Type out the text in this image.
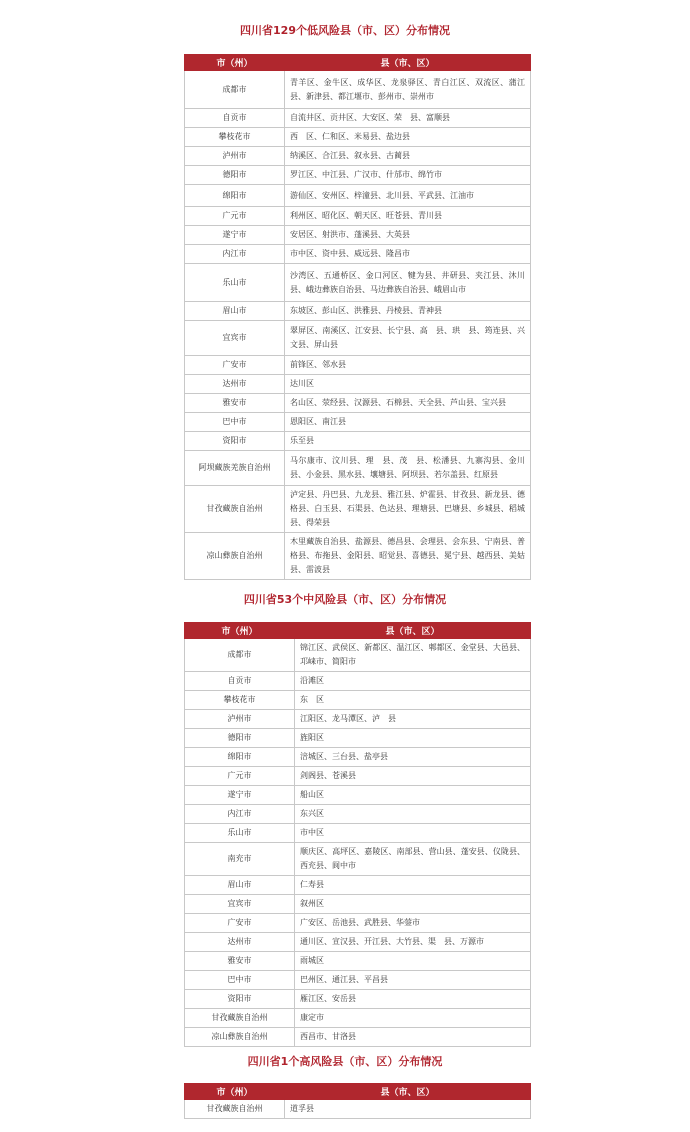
四川省129个低风险县（市、区）分布情况
市（州）	县（市、区）
成都市	青羊区、金牛区、成华区、龙泉驿区、青白江区、双流区、蒲江县、新津县、都江堰市、彭州市、崇州市
自贡市	自流井区、贡井区、大安区、荣　县、富顺县
攀枝花市	西　区、仁和区、米易县、盐边县
泸州市	纳溪区、合江县、叙永县、古蔺县
德阳市	罗江区、中江县、广汉市、什邡市、绵竹市
绵阳市	游仙区、安州区、梓潼县、北川县、平武县、江油市
广元市	利州区、昭化区、朝天区、旺苍县、青川县
遂宁市	安居区、射洪市、蓬溪县、大英县
内江市	市中区、资中县、威远县、隆昌市
乐山市	沙湾区、五通桥区、金口河区、犍为县、井研县、夹江县、沐川县、峨边彝族自治县、马边彝族自治县、峨眉山市
眉山市	东坡区、彭山区、洪雅县、丹棱县、青神县
宜宾市	翠屏区、南溪区、江安县、长宁县、高　县、珙　县、筠连县、兴文县、屏山县
广安市	前锋区、邻水县
达州市	达川区
雅安市	名山区、荥经县、汉源县、石棉县、天全县、芦山县、宝兴县
巴中市	恩阳区、南江县
资阳市	乐至县
阿坝藏族羌族自治州	马尔康市、汶川县、理　县、茂　县、松潘县、九寨沟县、金川县、小金县、黑水县、壤塘县、阿坝县、若尔盖县、红原县
甘孜藏族自治州	泸定县、丹巴县、九龙县、雅江县、炉霍县、甘孜县、新龙县、德格县、白玉县、石渠县、色达县、理塘县、巴塘县、乡城县、稻城县、得荣县
凉山彝族自治州	木里藏族自治县、盐源县、德昌县、会理县、会东县、宁南县、普格县、布拖县、金阳县、昭觉县、喜德县、冕宁县、越西县、美姑县、雷波县
四川省53个中风险县（市、区）分布情况
市（州）	县（市、区）
成都市	锦江区、武侯区、新都区、温江区、郫都区、金堂县、大邑县、邛崃市、简阳市
自贡市	沿滩区
攀枝花市	东　区
泸州市	江阳区、龙马潭区、泸　县
德阳市	旌阳区
绵阳市	涪城区、三台县、盐亭县
广元市	剑阁县、苍溪县
遂宁市	船山区
内江市	东兴区
乐山市	市中区
南充市	顺庆区、高坪区、嘉陵区、南部县、营山县、蓬安县、仪陇县、西充县、阆中市
眉山市	仁寿县
宜宾市	叙州区
广安市	广安区、岳池县、武胜县、华蓥市
达州市	通川区、宣汉县、开江县、大竹县、渠　县、万源市
雅安市	雨城区
巴中市	巴州区、通江县、平昌县
资阳市	雁江区、安岳县
甘孜藏族自治州	康定市
凉山彝族自治州	西昌市、甘洛县
四川省1个高风险县（市、区）分布情况
市（州）	县（市、区）
甘孜藏族自治州	道孚县
